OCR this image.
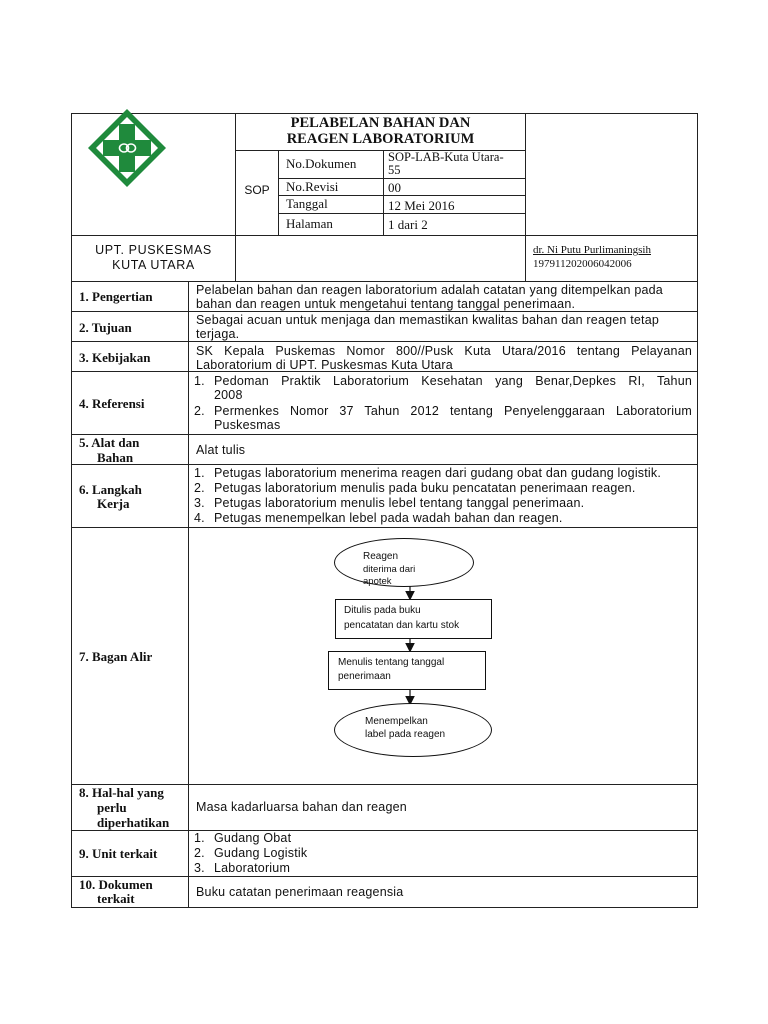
PELABELAN BAHAN DAN
REAGEN LABORATORIUM
SOP
No.Dokumen	SOP-LAB-Kuta Utara-
55
No.Revisi	00
Tanggal	12 Mei 2016
Halaman	1 dari 2
UPT. PUSKESMAS
KUTA UTARA
dr. Ni Putu Purlimaningsih
197911202006042006
1. Pengertian	Pelabelan bahan dan reagen laboratorium adalah catatan yang ditempelkan pada
bahan dan reagen untuk mengetahui tentang tanggal penerimaan.
2. Tujuan	Sebagai acuan untuk menjaga dan memastikan kwalitas bahan dan reagen tetap
terjaga.
3. Kebijakan	SK Kepala Puskemas Nomor 800//Pusk Kuta Utara/2016 tentang Pelayanan
Laboratorium di UPT. Puskesmas Kuta Utara
4. Referensi
1. Pedoman Praktik Laboratorium Kesehatan yang Benar,Depkes RI, Tahun
2008
2. Permenkes Nomor 37 Tahun 2012 tentang Penyelenggaraan Laboratorium
Puskesmas
5. Alat dan
Bahan	Alat tulis
6. Langkah
Kerja
1. Petugas laboratorium menerima reagen dari gudang obat dan gudang logistik.
2. Petugas laboratorium menulis pada buku pencatatan penerimaan reagen.
3. Petugas laboratorium menulis lebel tentang tanggal penerimaan.
4. Petugas menempelkan lebel pada wadah bahan dan reagen.
7. Bagan Alir
Reagen
diterima dari
apotek
Ditulis pada buku
pencatatan dan kartu stok
Menulis tentang tanggal
penerimaan
Menempelkan
label pada reagen
8. Hal-hal yang
perlu
diperhatikan
Masa kadarluarsa bahan dan reagen
9. Unit terkait
1. Gudang Obat
2. Gudang Logistik
3. Laboratorium
10. Dokumen
terkait	Buku catatan penerimaan reagensia
